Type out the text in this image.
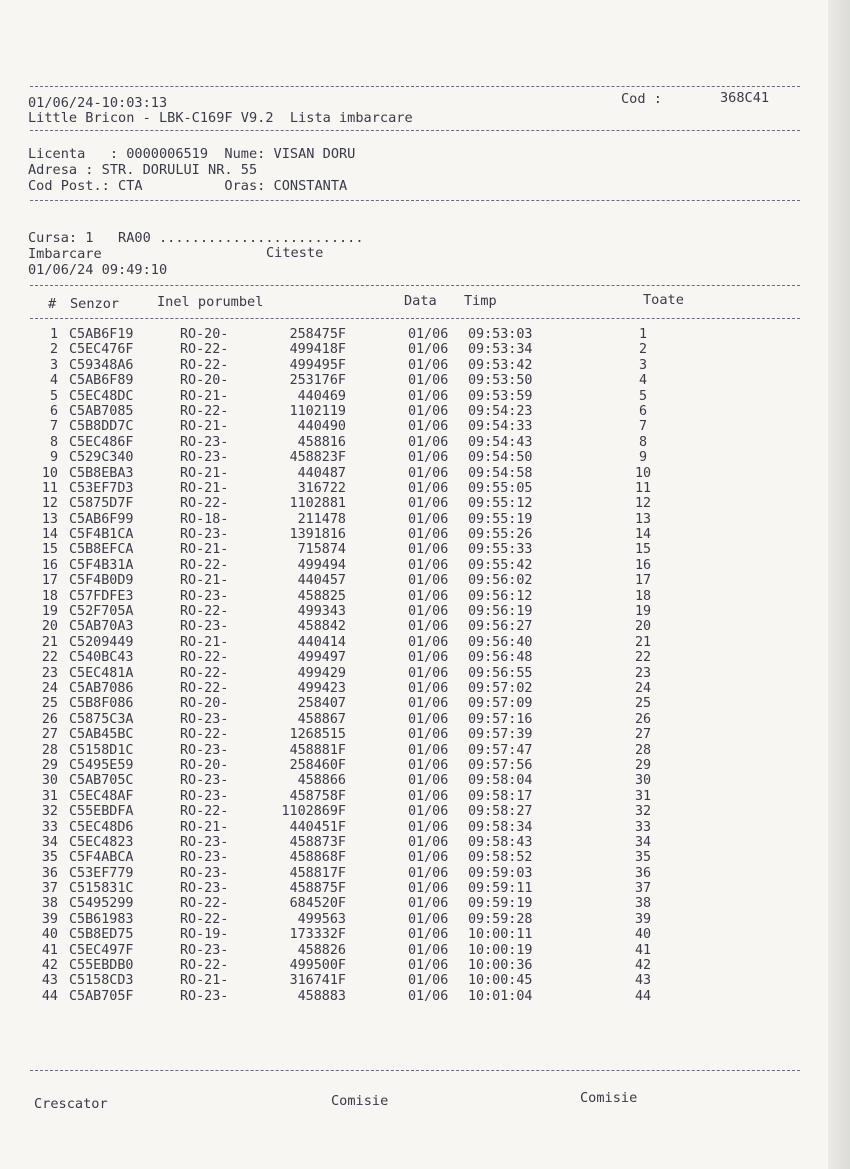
01/06/24-10:03:13
Little Bricon - LBK-C169F V9.2  Lista imbarcare
Cod :	368C41
Licenta   : 0000006519  Nume: VISAN DORU
Adresa : STR. DORULUI NR. 55
Cod Post.: CTA          Oras: CONSTANTA
Cursa: 1   RA00 .........................
Imbarcare	Citeste
01/06/24 09:49:10
# Senzor	Inel porumbel	Data Timp	Toate
1 C5AB6F19	RO-20-	258475F	01/06 09:53:03	1
2 C5EC476F	RO-22-	499418F	01/06 09:53:34	2
3 C59348A6	RO-22-	499495F	01/06 09:53:42	3
4 C5AB6F89	RO-20-	253176F	01/06 09:53:50	4
5 C5EC48DC	RO-21-	440469	01/06 09:53:59	5
6 C5AB7085	RO-22-	1102119	01/06 09:54:23	6
7 C5B8DD7C	RO-21-	440490	01/06 09:54:33	7
8 C5EC486F	RO-23-	458816	01/06 09:54:43	8
9 C529C340	RO-23-	458823F	01/06 09:54:50	9
10 C5B8EBA3	RO-21-	440487	01/06 09:54:58	10
11 C53EF7D3	RO-21-	316722	01/06 09:55:05	11
12 C5875D7F	RO-22-	1102881	01/06 09:55:12	12
13 C5AB6F99	RO-18-	211478	01/06 09:55:19	13
14 C5F4B1CA	RO-23-	1391816	01/06 09:55:26	14
15 C5B8EFCA	RO-21-	715874	01/06 09:55:33	15
16 C5F4B31A	RO-22-	499494	01/06 09:55:42	16
17 C5F4B0D9	RO-21-	440457	01/06 09:56:02	17
18 C57FDFE3	RO-23-	458825	01/06 09:56:12	18
19 C52F705A	RO-22-	499343	01/06 09:56:19	19
20 C5AB70A3	RO-23-	458842	01/06 09:56:27	20
21 C5209449	RO-21-	440414	01/06 09:56:40	21
22 C540BC43	RO-22-	499497	01/06 09:56:48	22
23 C5EC481A	RO-22-	499429	01/06 09:56:55	23
24 C5AB7086	RO-22-	499423	01/06 09:57:02	24
25 C5B8F086	RO-20-	258407	01/06 09:57:09	25
26 C5875C3A	RO-23-	458867	01/06 09:57:16	26
27 C5AB45BC	RO-22-	1268515	01/06 09:57:39	27
28 C5158D1C	RO-23-	458881F	01/06 09:57:47	28
29 C5495E59	RO-20-	258460F	01/06 09:57:56	29
30 C5AB705C	RO-23-	458866	01/06 09:58:04	30
31 C5EC48AF	RO-23-	458758F	01/06 09:58:17	31
32 C55EBDFA	RO-22-	1102869F	01/06 09:58:27	32
33 C5EC48D6	RO-21-	440451F	01/06 09:58:34	33
34 C5EC4823	RO-23-	458873F	01/06 09:58:43	34
35 C5F4ABCA	RO-23-	458868F	01/06 09:58:52	35
36 C53EF779	RO-23-	458817F	01/06 09:59:03	36
37 C515831C	RO-23-	458875F	01/06 09:59:11	37
38 C5495299	RO-22-	684520F	01/06 09:59:19	38
39 C5B61983	RO-22-	499563	01/06 09:59:28	39
40 C5B8ED75	RO-19-	173332F	01/06 10:00:11	40
41 C5EC497F	RO-23-	458826	01/06 10:00:19	41
42 C55EBDB0	RO-22-	499500F	01/06 10:00:36	42
43 C5158CD3	RO-21-	316741F	01/06 10:00:45	43
44 C5AB705F	RO-23-	458883	01/06 10:01:04	44
Crescator	Comisie	Comisie
